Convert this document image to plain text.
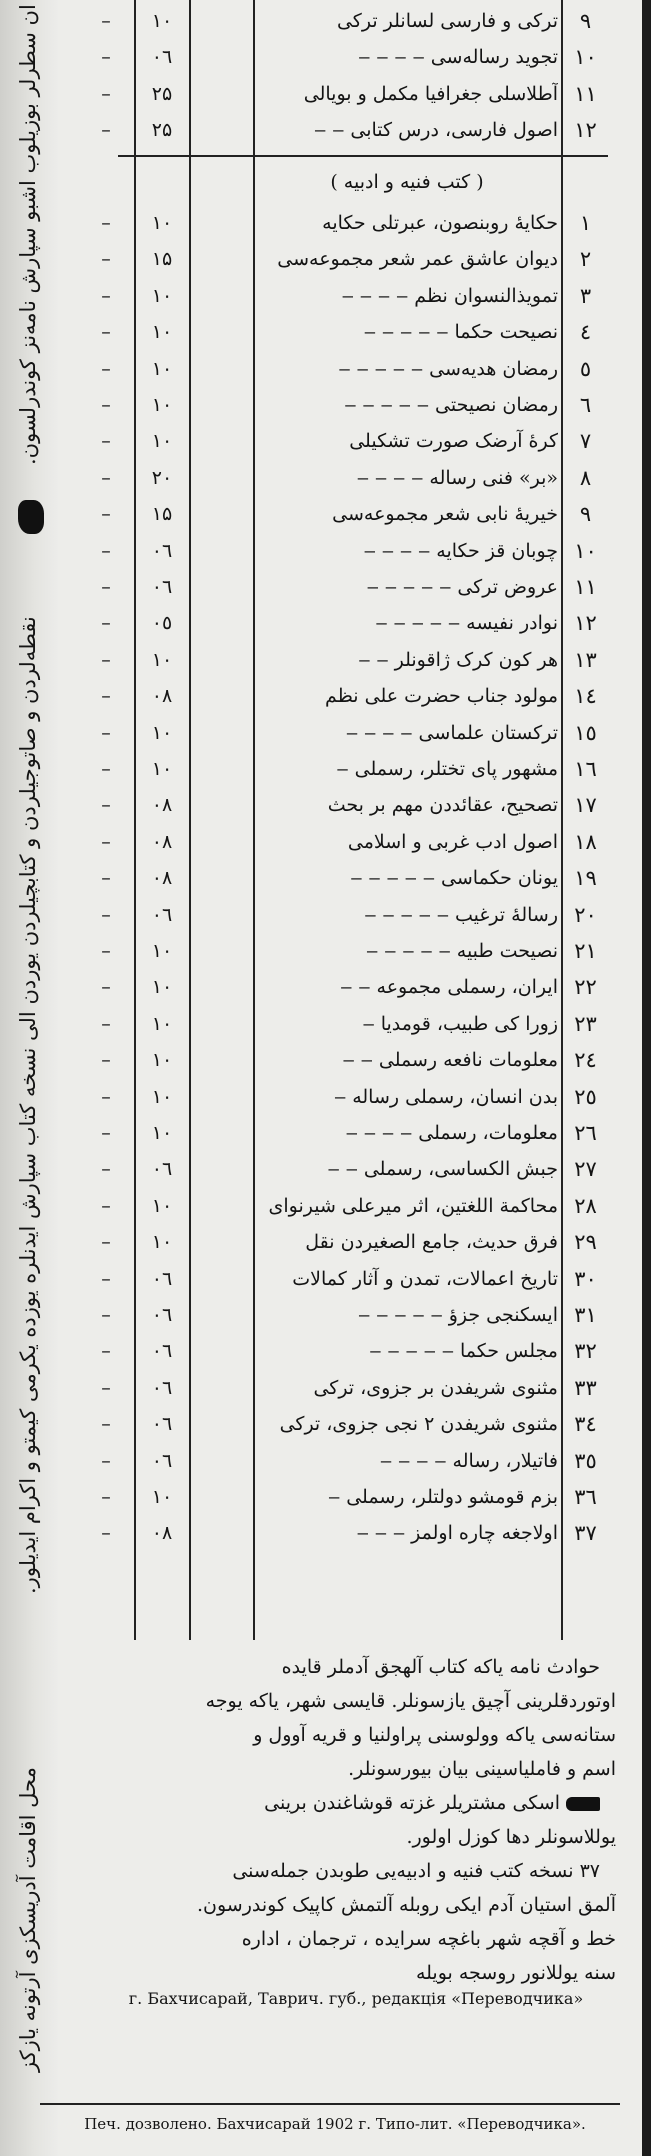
ان سطرلر بوزیلوب اشبو سپارش نامه‌نز کوندرلسون.
نقطه‌لردن و صاتوجیلردن و کتابچیلردن یوردن الی نسخه کتاب سپارش ایدنلره یوزده یکرمی کیمتو و اکرام ایدیلور.
محل اقامت آدریسکزی آرتونه یازکز
( کتب فنیه و ادبیه )
–	۱۰	ترکی و فارسی لسانلر ترکی	۹
–	۰٦	تجوید رساله‌سی ‒ ‒ ‒ ‒ ۱۰
–	۲۵	آطلاسلی جغرافیا مکمل و بویالی ۱۱
–	۲۵	اصول فارسی، درس کتابی ‒ ‒ ۱۲
–	۱۰	حکایهٔ روبنصون، عبرتلی حکایه	۱
–	۱۵	دیوان عاشق عمر شعر مجموعه‌سی	۲
–	۱۰	تمویذالنسوان نظم ‒ ‒ ‒ ‒	۳
–	۱۰	نصیحت حکما ‒ ‒ ‒ ‒ ‒	٤
–	۱۰	رمضان هدیه‌سی ‒ ‒ ‒ ‒ ‒	٥
–	۱۰	رمضان نصیحتی ‒ ‒ ‒ ‒ ‒	٦
–	۱۰	کرهٔ آرضک صورت تشکیلی	۷
–	۲۰	«بر» فنی رساله ‒ ‒ ‒ ‒	۸
–	۱۵	خیریهٔ نابی شعر مجموعه‌سی	۹
–	۰٦	چوبان قز حکایه ‒ ‒ ‒ ‒ ۱۰
–	۰٦	عروض ترکی ‒ ‒ ‒ ‒ ‒ ۱۱
–	۰٥	نوادر نفیسه ‒ ‒ ‒ ‒ ‒ ۱۲
–	۱۰	هر کون کرک ژاقونلر ‒ ‒ ۱۳
–	۰۸	مولود جناب حضرت علی نظم ۱٤
–	۱۰	ترکستان علماسی ‒ ‒ ‒ ‒ ۱٥
–	۱۰	مشهور پای تختلر، رسملی ‒ ۱٦
–	۰۸	تصحیح، عقائددن مهم بر بحث ۱۷
–	۰۸	اصول ادب غربی و اسلامی ۱۸
–	۰۸	یونان حکماسی ‒ ‒ ‒ ‒ ‒ ۱۹
–	۰٦	رسالهٔ ترغیب ‒ ‒ ‒ ‒ ‒ ۲۰
–	۱۰	نصیحت طبیه ‒ ‒ ‒ ‒ ‒ ۲۱
–	۱۰	ایران، رسملی مجموعه ‒ ‒ ۲۲
–	۱۰	زورا کی طبیب، قومدیا ‒ ۲۳
–	۱۰	معلومات نافعه رسملی ‒ ‒ ۲٤
–	۱۰	بدن انسان، رسملی رساله ‒ ۲٥
–	۱۰	معلومات، رسملی ‒ ‒ ‒ ‒ ۲٦
–	۰٦	جبش الکساسی، رسملی ‒ ‒ ۲۷
–	۱۰	محاکمة اللغتین، اثر میرعلی شیرنوای ۲۸
–	۱۰	فرق حدیث، جامع الصغیردن نقل ۲۹
–	۰٦	تاریخ اعمالات، تمدن و آثار کمالات ۳۰
–	۰٦	ایسکنجی جزؤ ‒ ‒ ‒ ‒ ‒ ۳۱
–	۰٦	مجلس حکما ‒ ‒ ‒ ‒ ‒ ۳۲
–	۰٦	مثنوی شریفدن بر جزوی، ترکی ۳۳
–	۰٦	مثنوی شریفدن ۲ نجی جزوی، ترکی ۳٤
–	۰٦	فاتیلار، رساله ‒ ‒ ‒ ‒ ۳٥
–	۱۰	بزم قومشو دولتلر، رسملی ‒ ۳٦
–	۰۸	اولاجغه چاره اولمز ‒ ‒ ‒ ۳۷
حوادث نامه یاکه کتاب آلهجق آدملر قایده
اوتوردقلرینی آچیق یازسونلر. قایسی شهر، یاکه یوجه
ستانه‌سی یاکه وولوسنی پراولنیا و قریه آوول و
اسم و فاملیاسینی بیان بیورسونلر.
اسکی مشتریلر غزته قوشاغندن برینی
یوللاسونلر دها کوزل اولور.
۳۷ نسخه کتب فنیه و ادبیه‌یی طوبدن جمله‌سنی
آلمق استیان آدم ایکی روبله آلتمش کاپیک کوندرسون.
خط و آقچه شهر باغچه سرایده ، ترجمان ، اداره
سنه یوللانور روسجه بویله
г. Бахчисарай, Таврич. губ., редакція «Переводчика»
Печ. дозволено. Бахчисарай 1902 г. Типо-лит. «Переводчика».
